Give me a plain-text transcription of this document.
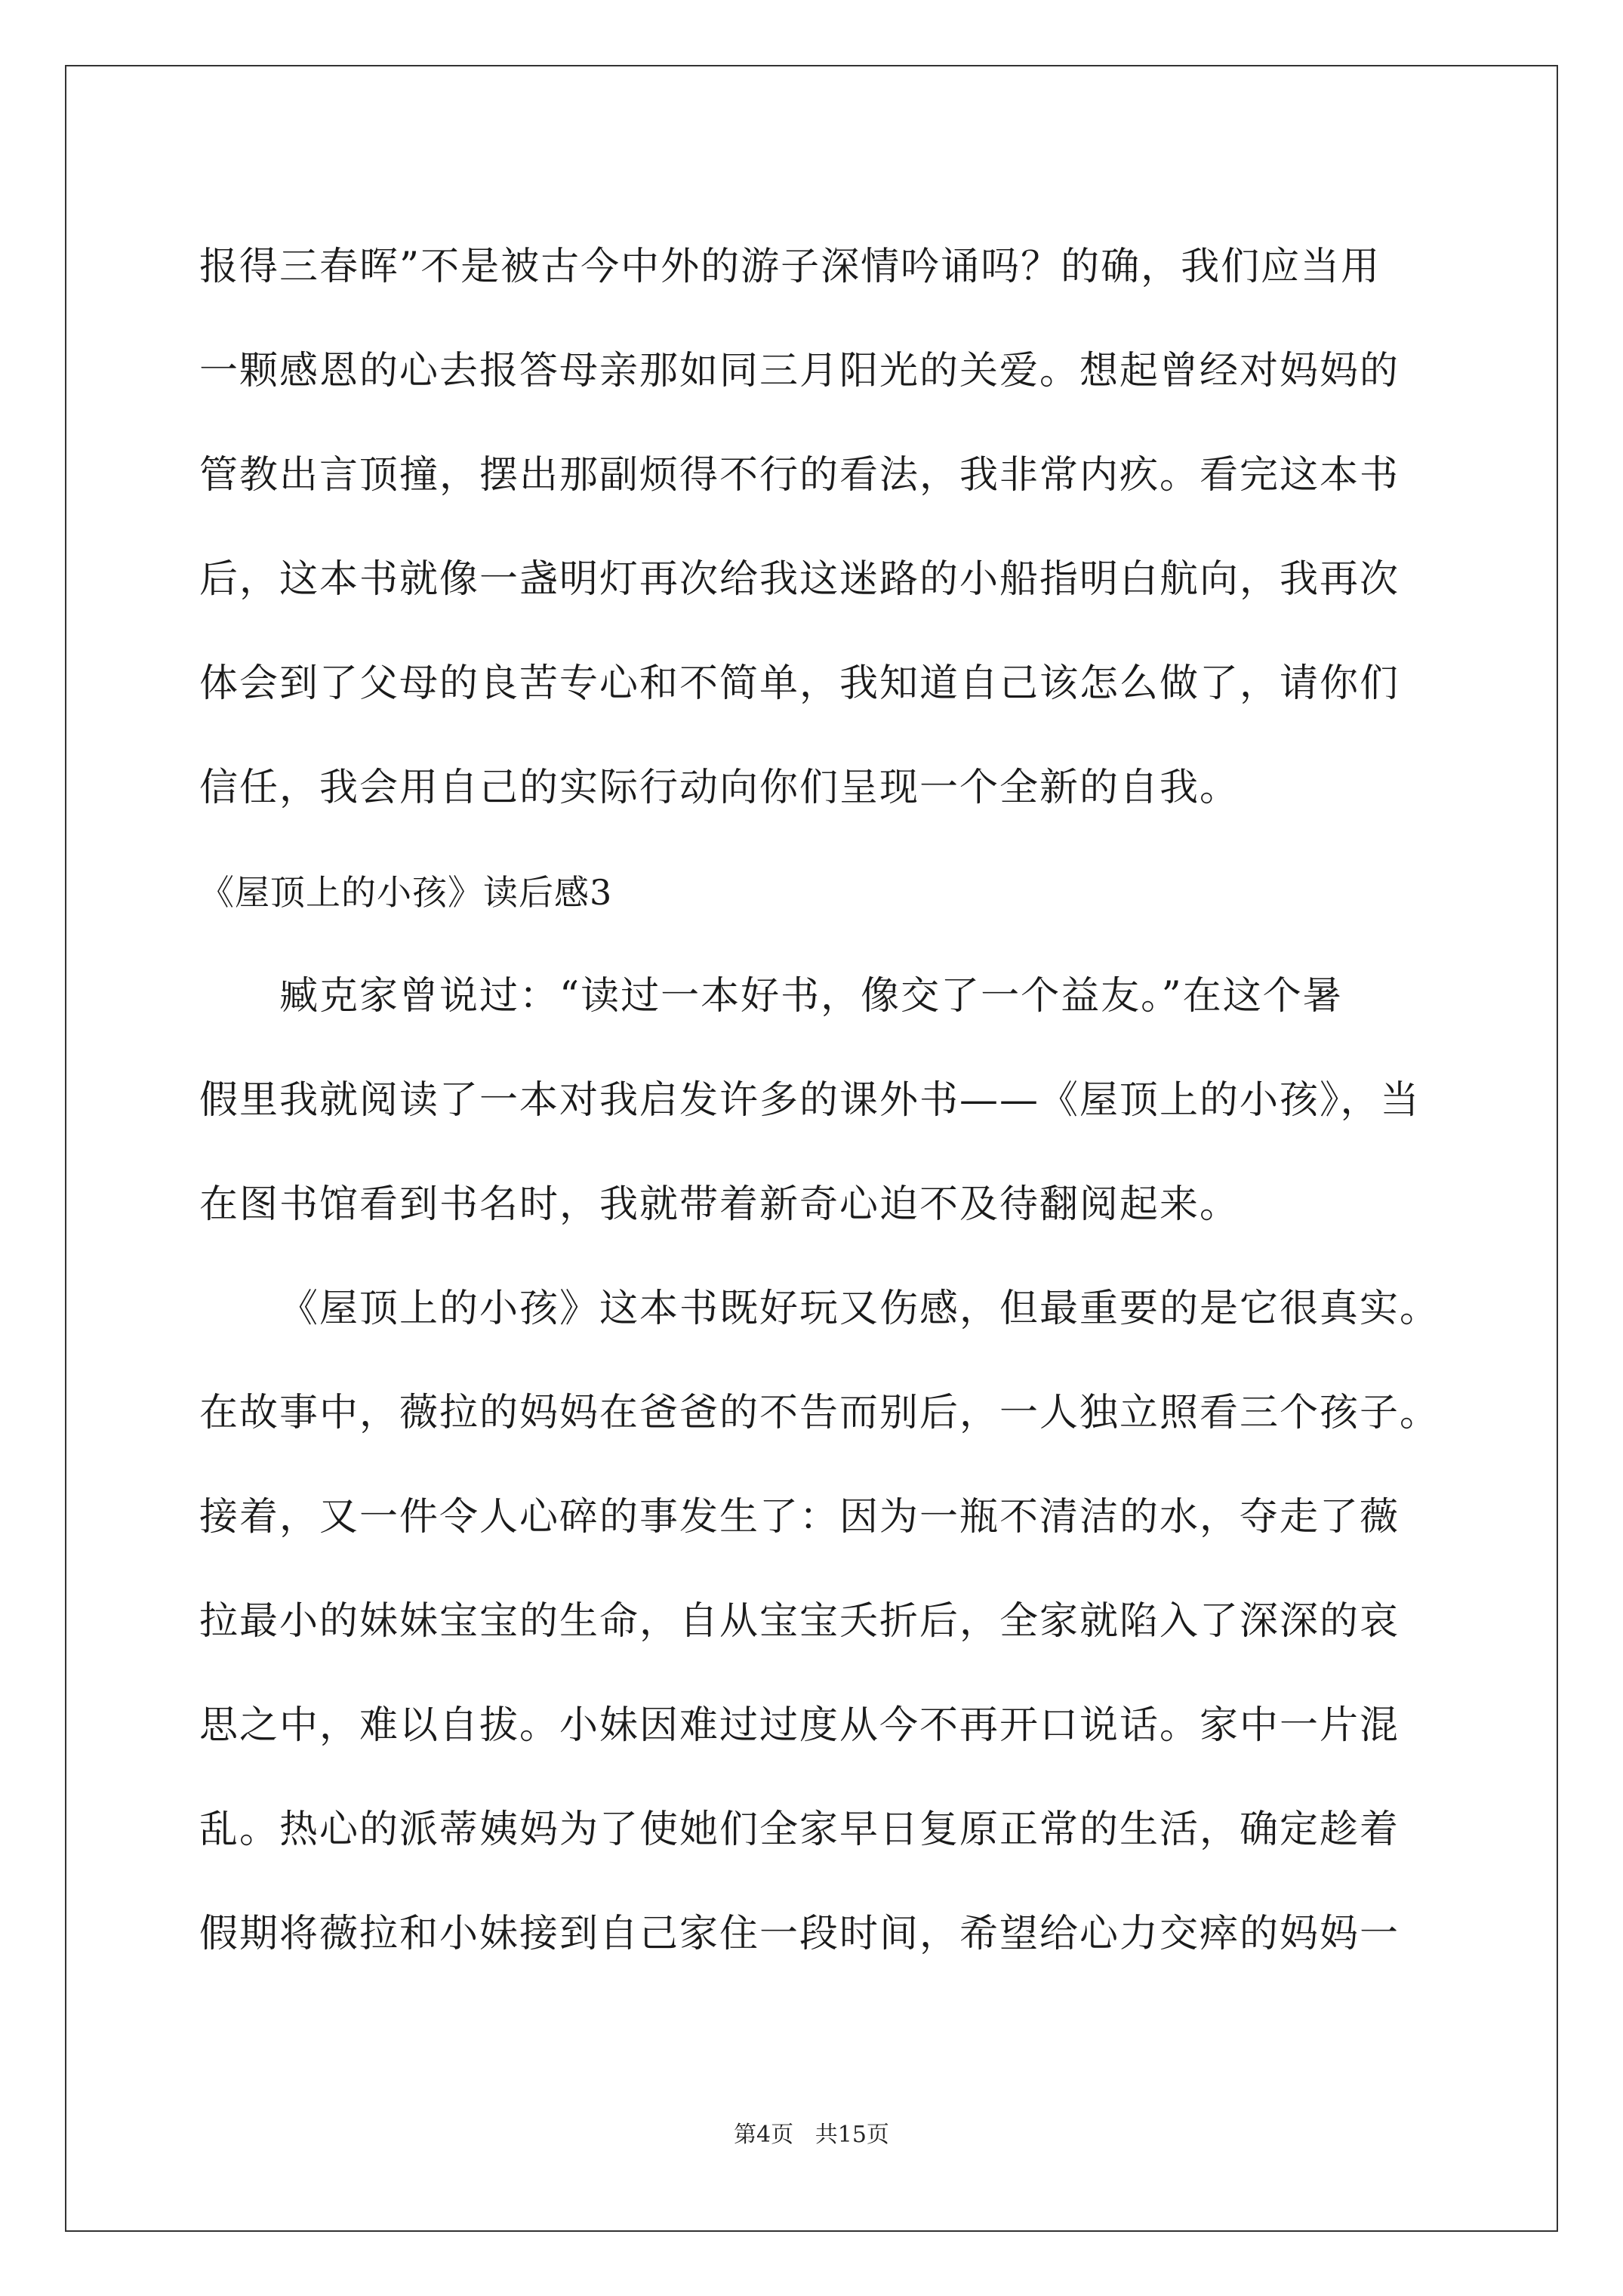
报得三春晖”不是被古今中外的游子深情吟诵吗？的确，我们应当用
一颗感恩的心去报答母亲那如同三月阳光的关爱。想起曾经对妈妈的
管教出言顶撞，摆出那副烦得不行的看法，我非常内疚。看完这本书
后，这本书就像一盏明灯再次给我这迷路的小船指明白航向，我再次
体会到了父母的良苦专心和不简单，我知道自己该怎么做了，请你们
信任，我会用自己的实际行动向你们呈现一个全新的自我。
《屋顶上的小孩》读后感3
臧克家曾说过：“读过一本好书，像交了一个益友。”在这个暑
假里我就阅读了一本对我启发许多的课外书——《屋顶上的小孩》，当
在图书馆看到书名时，我就带着新奇心迫不及待翻阅起来。
《屋顶上的小孩》这本书既好玩又伤感，但最重要的是它很真实。
在故事中，薇拉的妈妈在爸爸的不告而别后，一人独立照看三个孩子。
接着，又一件令人心碎的事发生了：因为一瓶不清洁的水，夺走了薇
拉最小的妹妹宝宝的生命，自从宝宝夭折后，全家就陷入了深深的哀
思之中，难以自拔。小妹因难过过度从今不再开口说话。家中一片混
乱。热心的派蒂姨妈为了使她们全家早日复原正常的生活，确定趁着
假期将薇拉和小妹接到自己家住一段时间，希望给心力交瘁的妈妈一
第4页   共15页
